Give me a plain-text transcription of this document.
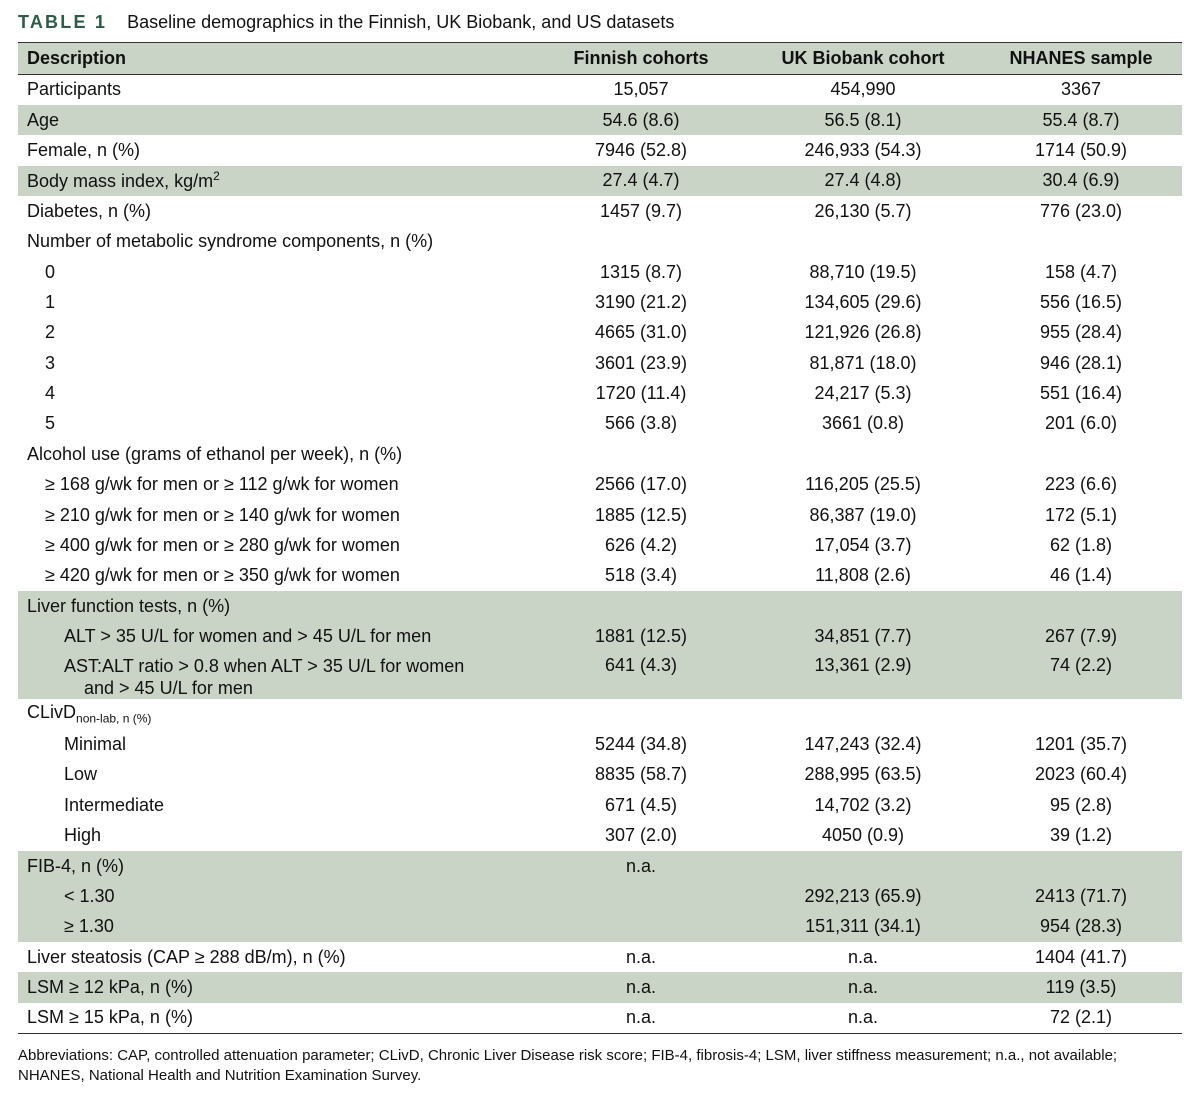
TABLE 1 Baseline demographics in the Finnish, UK Biobank, and US datasets
Description	Finnish cohorts	UK Biobank cohort	NHANES sample
Participants	15,057	454,990	3367
Age	54.6 (8.6)	56.5 (8.1)	55.4 (8.7)
Female, n (%)	7946 (52.8)	246,933 (54.3)	1714 (50.9)
Body mass index, $kg/m^2$	27.4 (4.7)	27.4 (4.8)	30.4 (6.9)
Diabetes, n (%)	1457 (9.7)	26,130 (5.7)	776 (23.0)
Number of metabolic syndrome components, n (%)			
0	1315 (8.7)	88,710 (19.5)	158 (4.7)
1	3190 (21.2)	134,605 (29.6)	556 (16.5)
2	4665 (31.0)	121,926 (26.8)	955 (28.4)
3	3601 (23.9)	81,871 (18.0)	946 (28.1)
4	1720 (11.4)	24,217 (5.3)	551 (16.4)
5	566 (3.8)	3661 (0.8)	201 (6.0)
Alcohol use (grams of ethanol per week), n (%)			
≥ 168 g/wk for men or ≥ 112 g/wk for women	2566 (17.0)	116,205 (25.5)	223 (6.6)
≥ 210 g/wk for men or ≥ 140 g/wk for women	1885 (12.5)	86,387 (19.0)	172 (5.1)
≥ 400 g/wk for men or ≥ 280 g/wk for women	626 (4.2)	17,054 (3.7)	62 (1.8)
≥ 420 g/wk for men or ≥ 350 g/wk for women	518 (3.4)	11,808 (2.6)	46 (1.4)
Liver function tests, n (%)			
ALT > 35 U/L for women and > 45 U/L for men	1881 (12.5)	34,851 (7.7)	267 (7.9)
AST:ALT ratio > 0.8 when ALT > 35 U/L for women
and > 45 U/L for men	641 (4.3)	13,361 (2.9)	74 (2.2)
CLivD$_{non-lab, n (\%)}$			
Minimal	5244 (34.8)	147,243 (32.4)	1201 (35.7)
Low	8835 (58.7)	288,995 (63.5)	2023 (60.4)
Intermediate	671 (4.5)	14,702 (3.2)	95 (2.8)
High	307 (2.0)	4050 (0.9)	39 (1.2)
FIB-4, n (%)	n.a.		
< 1.30		292,213 (65.9)	2413 (71.7)
≥ 1.30		151,311 (34.1)	954 (28.3)
Liver steatosis (CAP ≥ 288 dB/m), n (%)	n.a.	n.a.	1404 (41.7)
LSM ≥ 12 kPa, n (%)	n.a.	n.a.	119 (3.5)
LSM ≥ 15 kPa, n (%)	n.a.	n.a.	72 (2.1)
Abbreviations: CAP, controlled attenuation parameter; CLivD, Chronic Liver Disease risk score; FIB-4, fibrosis-4; LSM, liver stiffness measurement; n.a., not available; NHANES, National Health and Nutrition Examination Survey.
